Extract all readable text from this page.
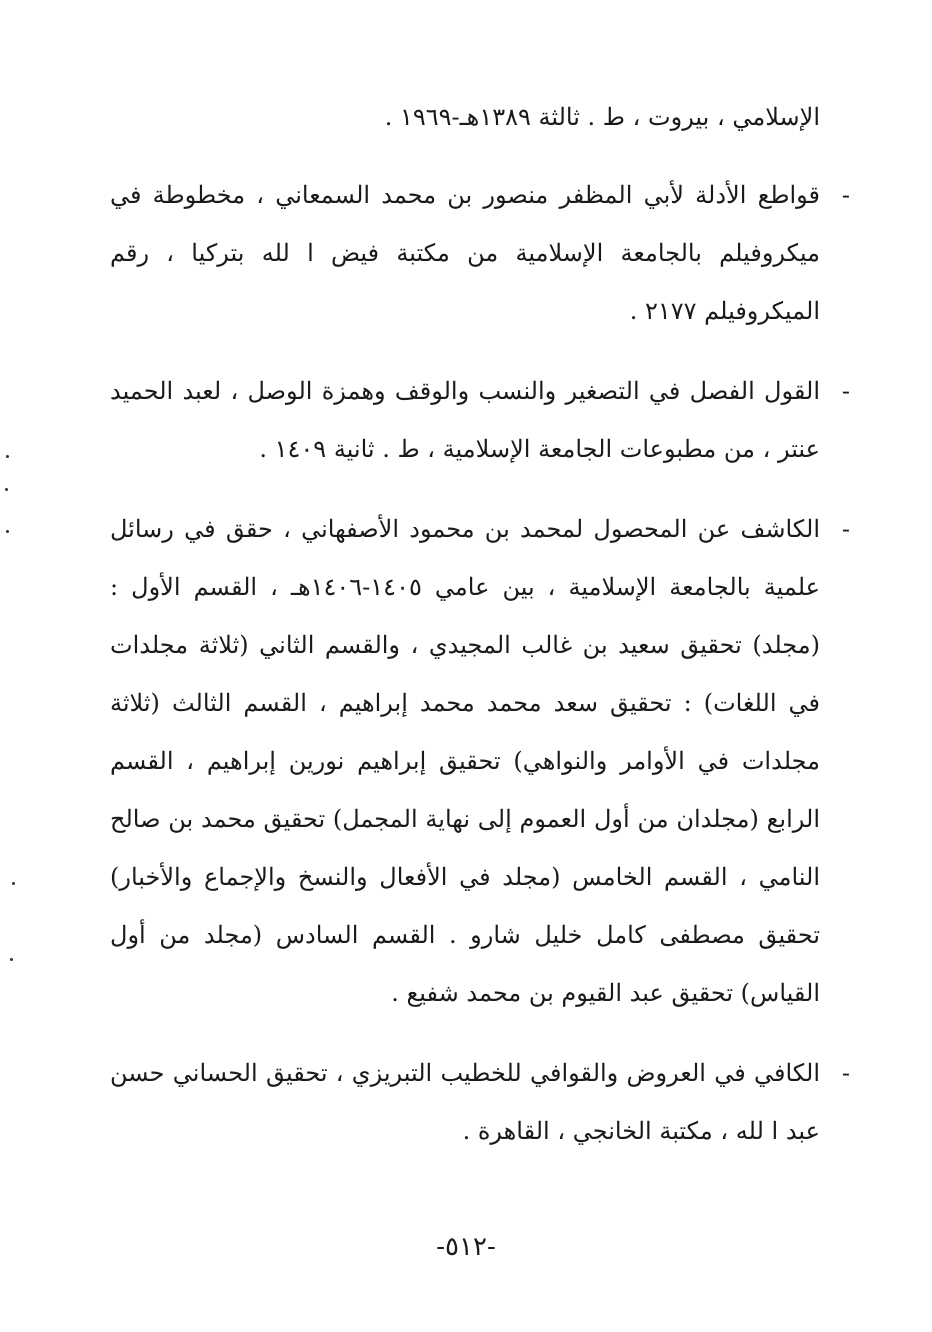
الإسلامي ، بيروت ، ط . ثالثة ١٣٨٩هـ-١٩٦٩ .

-
قواطع الأدلة لأبي المظفر منصور بن محمد السمعاني ، مخطوطة في ميكروفيلم بالجامعة الإسلامية من مكتبة فيض ا لله بتركيا ، رقم الميكروفيلم ٢١٧٧ .
-
القول الفصل في التصغير والنسب والوقف وهمزة الوصل ، لعبد الحميد عنتر ، من مطبوعات الجامعة الإسلامية ، ط . ثانية ١٤٠٩ .
-
الكاشف عن المحصول لمحمد بن محمود الأصفهاني ، حقق في رسائل علمية بالجامعة الإسلامية ، بين عامي ١٤٠٥-١٤٠٦هـ ، القسم الأول : (مجلد) تحقيق سعيد بن غالب المجيدي ، والقسم الثاني (ثلاثة مجلدات في اللغات) : تحقيق سعد محمد محمد إبراهيم ، القسم الثالث (ثلاثة مجلدات في الأوامر والنواهي) تحقيق إبراهيم نورين إبراهيم ، القسم الرابع (مجلدان من أول العموم إلى نهاية المجمل) تحقيق محمد بن صالح النامي ، القسم الخامس (مجلد في الأفعال والنسخ والإجماع والأخبار) تحقيق مصطفى كامل خليل شارو . القسم السادس (مجلد من أول القياس) تحقيق عبد القيوم بن محمد شفيع .
-
الكافي في العروض والقوافي للخطيب التبريزي ، تحقيق الحساني حسن عبد ا لله ، مكتبة الخانجي ، القاهرة .
-٥١٢-
